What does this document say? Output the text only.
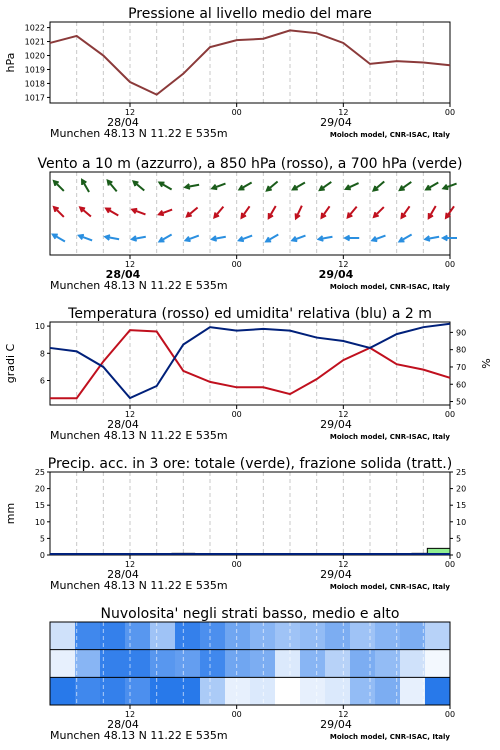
Pressione al livello medio del mare
12	00	12	00
28/04	29/04
Munchen 48.13 N 11.22 E 535m	Moloch model, CNR-ISAC, Italy
1017
1018
1019
1020
1021
1022
hPa
Vento a 10 m (azzurro), a 850 hPa (rosso), a 700 hPa (verde)
12	00	12	00
28/04	29/04
Munchen 48.13 N 11.22 E 535m	Moloch model, CNR-ISAC, Italy
Temperatura (rosso) ed umidita' relativa (blu) a 2 m
12	00	12	00
28/04	29/04
Munchen 48.13 N 11.22 E 535m	Moloch model, CNR-ISAC, Italy
6
8
10
50
60
70
80
90
gradi C	%
Precip. acc. in 3 ore: totale (verde), frazione solida (tratt.)
12	00	12	00
28/04	29/04
Munchen 48.13 N 11.22 E 535m	Moloch model, CNR-ISAC, Italy
0	0
5	5
10	10
15	15
20	20
25	25
mm
Nuvolosita' negli strati basso, medio e alto
12	00	12	00
28/04	29/04
Munchen 48.13 N 11.22 E 535m	Moloch model, CNR-ISAC, Italy
